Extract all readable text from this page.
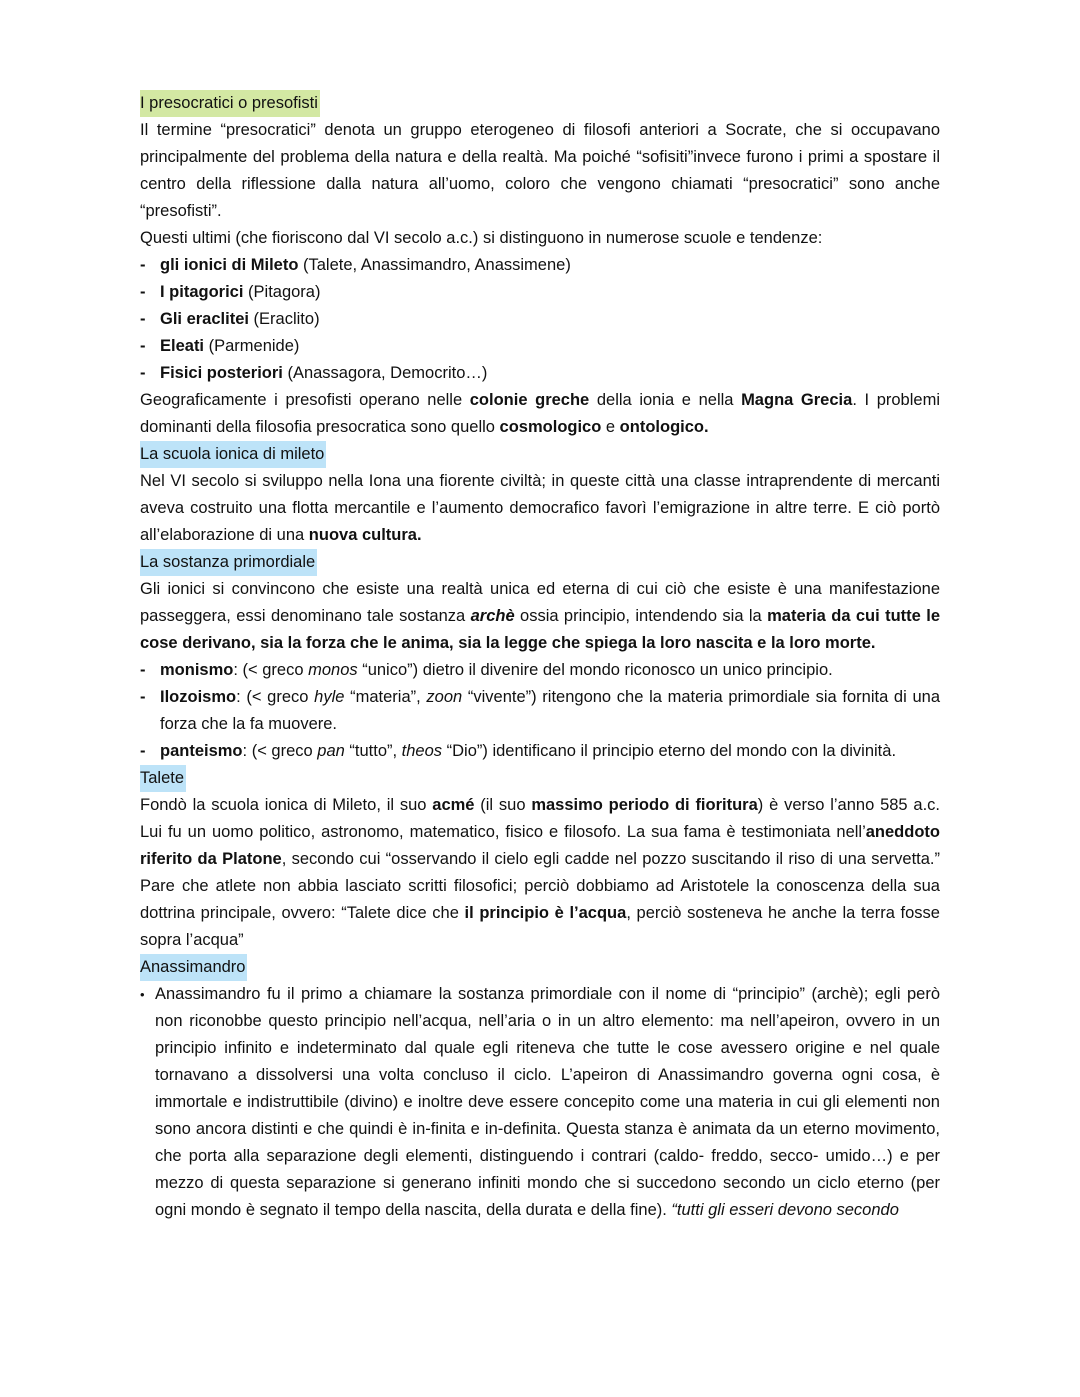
I presocratici o presofisti

Il termine “presocratici” denota un gruppo eterogeneo di filosofi anteriori a Socrate, che si occupavano principalmente del problema della natura e della realtà. Ma poiché “sofisiti”invece furono i primi a spostare il centro della riflessione dalla natura all’uomo, coloro che vengono chiamati “presocratici” sono anche “presofisti”.

Questi ultimi (che fioriscono dal VI secolo a.c.) si distinguono in numerose scuole e tendenze:

-
gli ionici di Mileto (Talete, Anassimandro, Anassimene)
-
I pitagorici (Pitagora)
-
Gli eraclitei (Eraclito)
-
Eleati (Parmenide)
-
Fisici posteriori (Anassagora, Democrito…)

Geograficamente i presofisti operano nelle colonie greche della ionia e nella Magna Grecia. I problemi dominanti della filosofia presocratica sono quello cosmologico e ontologico.

La scuola ionica di mileto

Nel VI secolo si sviluppo nella Iona una fiorente civiltà; in queste città una classe intraprendente di mercanti aveva costruito una flotta mercantile e l’aumento democrafico favorì l’emigrazione in altre terre. E ciò portò all’elaborazione di una nuova cultura.

La sostanza primordiale

Gli ionici si convincono che esiste una realtà unica ed eterna di cui ciò che esiste è una manifestazione passeggera, essi denominano tale sostanza archè ossia principio, intendendo sia la materia da cui tutte le cose derivano, sia la forza che le anima, sia la legge che spiega la loro nascita e la loro morte.

-
monismo: (< greco monos “unico”) dietro il divenire del mondo riconosco un unico principio.
-
Ilozoismo: (< greco hyle “materia”, zoon “vivente”) ritengono che la materia primordiale sia fornita di una forza che la fa muovere.
-
panteismo: (< greco pan “tutto”, theos “Dio”) identificano il principio eterno del mondo con la divinità.
Talete

Fondò la scuola ionica di Mileto, il suo acmé (il suo massimo periodo di fioritura) è verso l’anno 585 a.c. Lui fu un uomo politico, astronomo, matematico, fisico e filosofo. La sua fama è testimoniata nell’aneddoto riferito da Platone, secondo cui “osservando il cielo egli cadde nel pozzo suscitando il riso di una servetta.” Pare che atlete non abbia lasciato scritti filosofici; perciò dobbiamo ad Aristotele la conoscenza della sua dottrina principale, ovvero: “Talete dice che il principio è l’acqua, perciò sosteneva he anche la terra fosse sopra l’acqua”

Anassimandro
•
Anassimandro fu il primo a chiamare la sostanza primordiale con il nome di “principio” (archè); egli però non riconobbe questo principio nell’acqua, nell’aria o in un altro elemento: ma nell’apeiron, ovvero in un principio infinito e indeterminato dal quale egli riteneva che tutte le cose avessero origine e nel quale tornavano a dissolversi una volta concluso il ciclo. L’apeiron di Anassimandro governa ogni cosa, è immortale e indistruttibile (divino) e inoltre deve essere concepito come una materia in cui gli elementi non sono ancora distinti e che quindi è in-finita e in-definita. Questa stanza è animata da un eterno movimento, che porta alla separazione degli elementi, distinguendo i contrari (caldo- freddo, secco- umido…) e per mezzo di questa separazione si generano infiniti mondo che si succedono secondo un ciclo eterno (per ogni mondo è segnato il tempo della nascita, della durata e della fine). “tutti gli esseri devono secondo
